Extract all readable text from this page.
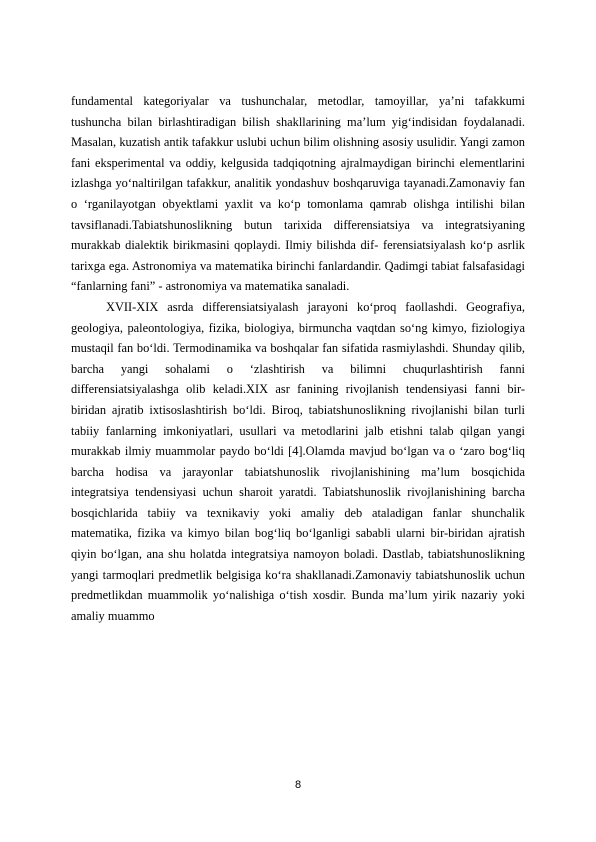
fundamental kategoriyalar va tushunchalar, metodlar, tamoyillar, ya’ni tafakkumi tushuncha bilan birlashtiradigan bilish shakllarining ma’lum yig‘indisidan foydalanadi. Masalan, kuzatish antik tafakkur uslubi uchun bilim olishning asosiy usulidir. Yangi zamon fani eksperimental va oddiy, kelgusida tadqiqotning ajralmaydigan birinchi elementlarini izlashga yo‘naltirilgan tafakkur, analitik yondashuv boshqaruviga tayanadi.Zamonaviy fan o ‘rganilayotgan obyektlami yaxlit va ko‘p tomonlama qamrab olishga intilishi bilan tavsiflanadi.Tabiatshunoslikning butun tarixida differensiatsiya va integratsiyaning murakkab dialektik birikmasini qoplaydi. Ilmiy bilishda dif- ferensiatsiyalash ko‘p asrlik tarixga ega. Astronomiya va matematika birinchi fanlardandir. Qadimgi tabiat falsafasidagi “fanlarning fani” - astronomiya va matematika sanaladi.

XVII-XIX asrda differensiatsiyalash jarayoni ko‘proq faollashdi. Geografiya, geologiya, paleontologiya, fizika, biologiya, birmuncha vaqtdan so‘ng kimyo, fiziologiya mustaqil fan bo‘ldi. Termodinamika va boshqalar fan sifatida rasmiylashdi. Shunday qilib, barcha yangi sohalami o ‘zlashtirish va bilimni chuqurlashtirish fanni differensiatsiyalashga olib keladi.XIX asr fanining rivojlanish tendensiyasi fanni bir-biridan ajratib ixtisoslashtirish bo‘ldi. Biroq, tabiatshunoslikning rivojlanishi bilan turli tabiiy fanlarning imkoniyatlari, usullari va metodlarini jalb etishni talab qilgan yangi murakkab ilmiy muammolar paydo bo‘ldi [4].Olamda mavjud bo‘lgan va o ‘zaro bog‘liq barcha hodisa va jarayonlar tabiatshunoslik rivojlanishining ma’lum bosqichida integratsiya tendensiyasi uchun sharoit yaratdi. Tabiatshunoslik rivojlanishining barcha bosqichlarida tabiiy va texnikaviy yoki amaliy deb ataladigan fanlar shunchalik matematika, fizika va kimyo bilan bog‘liq bo‘lganligi sababli ularni bir-biridan ajratish qiyin bo‘lgan, ana shu holatda integratsiya namoyon boladi. Dastlab, tabiatshunoslikning yangi tarmoqlari predmetlik belgisiga ko‘ra shakllanadi.Zamonaviy tabiatshunoslik uchun predmetlikdan muammolik yo‘nalishiga o‘tish xosdir. Bunda ma’lum yirik nazariy yoki amaliy muammo

8
